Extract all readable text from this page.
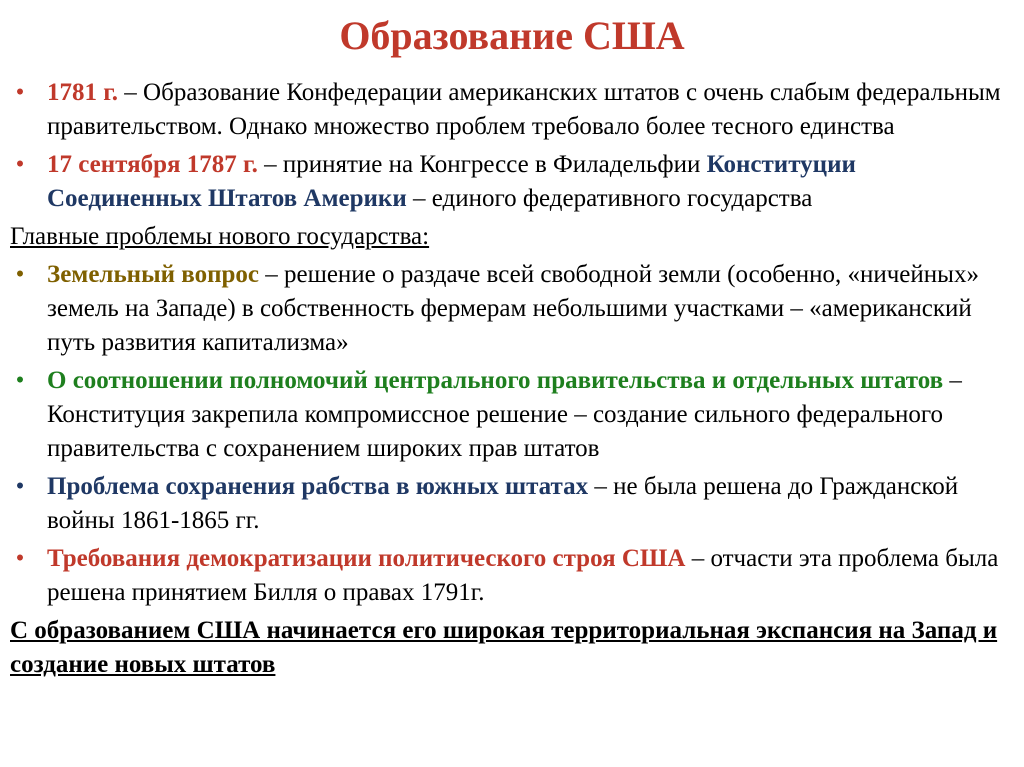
Образование США
• 1781 г. – Образование Конфедерации американских штатов с очень слабым федеральным правительством. Однако множество проблем требовало более тесного единства
• 17 сентября 1787 г. – принятие на Конгрессе в Филадельфии Конституции Соединенных Штатов Америки – единого федеративного государства
Главные проблемы нового государства:
• Земельный вопрос – решение о раздаче всей свободной земли (особенно, «ничейных» земель на Западе) в собственность фермерам небольшими участками – «американский путь развития капитализма»
• О соотношении полномочий центрального правительства и отдельных штатов – Конституция закрепила компромиссное решение – создание сильного федерального правительства с сохранением широких прав штатов
• Проблема сохранения рабства в южных штатах – не была решена до Гражданской войны 1861-1865 гг.
• Требования демократизации политического строя США – отчасти эта проблема была решена принятием Билля о правах 1791г.
С образованием США начинается его широкая территориальная экспансия на Запад и создание новых штатов
